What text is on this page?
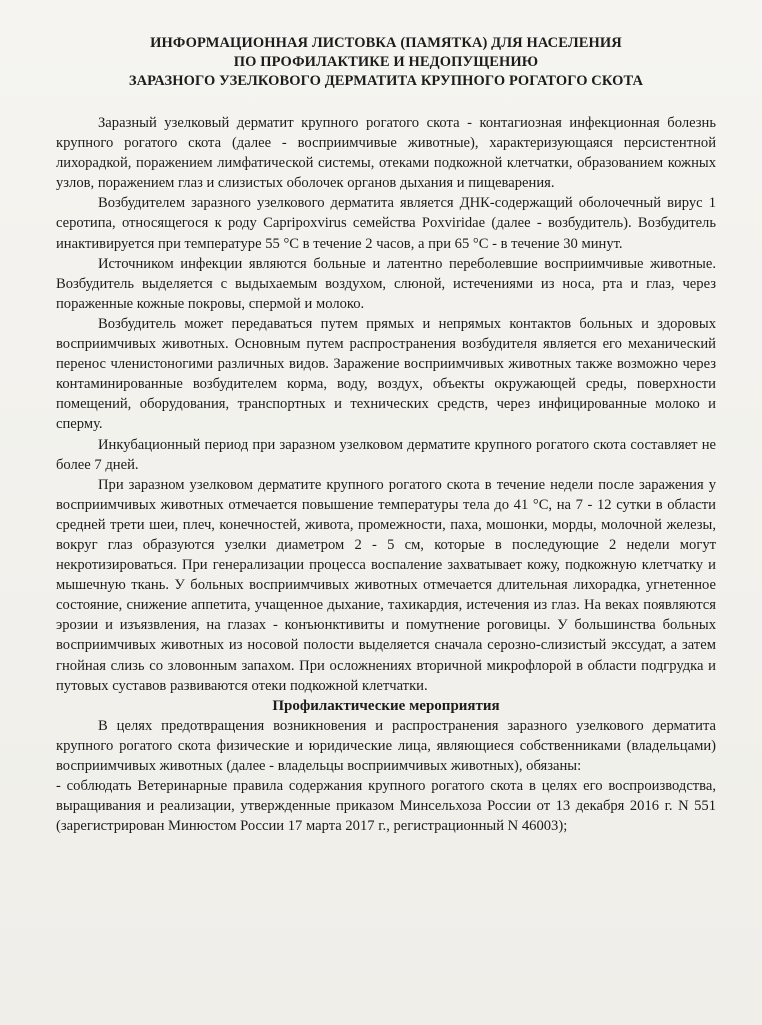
ИНФОРМАЦИОННАЯ ЛИСТОВКА (ПАМЯТКА) ДЛЯ НАСЕЛЕНИЯ
ПО ПРОФИЛАКТИКЕ И НЕДОПУЩЕНИЮ
ЗАРАЗНОГО УЗЕЛКОВОГО ДЕРМАТИТА КРУПНОГО РОГАТОГО СКОТА

Заразный узелковый дерматит крупного рогатого скота - контагиозная инфекционная болезнь крупного рогатого скота (далее - восприимчивые животные), характеризующаяся персистентной лихорадкой, поражением лимфатической системы, отеками подкожной клетчатки, образованием кожных узлов, поражением глаз и слизистых оболочек органов дыхания и пищеварения.

Возбудителем заразного узелкового дерматита является ДНК-содержащий оболочечный вирус 1 серотипа, относящегося к роду Capripoxvirus семейства Poxviridae (далее - возбудитель). Возбудитель инактивируется при температуре 55 °С в течение 2 часов, а при 65 °С - в течение 30 минут.

Источником инфекции являются больные и латентно переболевшие восприимчивые животные. Возбудитель выделяется с выдыхаемым воздухом, слюной, истечениями из носа, рта и глаз, через пораженные кожные покровы, спермой и молоко.

Возбудитель может передаваться путем прямых и непрямых контактов больных и здоровых восприимчивых животных. Основным путем распространения возбудителя является его механический перенос членистоногими различных видов. Заражение восприимчивых животных также возможно через контаминированные возбудителем корма, воду, воздух, объекты окружающей среды, поверхности помещений, оборудования, транспортных и технических средств, через инфицированные молоко и сперму.

Инкубационный период при заразном узелковом дерматите крупного рогатого скота составляет не более 7 дней.

При заразном узелковом дерматите крупного рогатого скота в течение недели после заражения у восприимчивых животных отмечается повышение температуры тела до 41 °С, на 7 - 12 сутки в области средней трети шеи, плеч, конечностей, живота, промежности, паха, мошонки, морды, молочной железы, вокруг глаз образуются узелки диаметром 2 - 5 см, которые в последующие 2 недели могут некротизироваться. При генерализации процесса воспаление захватывает кожу, подкожную клетчатку и мышечную ткань. У больных восприимчивых животных отмечается длительная лихорадка, угнетенное состояние, снижение аппетита, учащенное дыхание, тахикардия, истечения из глаз. На веках появляются эрозии и изъязвления, на глазах - конъюнктивиты и помутнение роговицы. У большинства больных восприимчивых животных из носовой полости выделяется сначала серозно-слизистый экссудат, а затем гнойная слизь со зловонным запахом. При осложнениях вторичной микрофлорой в области подгрудка и путовых суставов развиваются отеки подкожной клетчатки.

Профилактические мероприятия

В целях предотвращения возникновения и распространения заразного узелкового дерматита крупного рогатого скота физические и юридические лица, являющиеся собственниками (владельцами) восприимчивых животных (далее - владельцы восприимчивых животных), обязаны:

- соблюдать Ветеринарные правила содержания крупного рогатого скота в целях его воспроизводства, выращивания и реализации, утвержденные приказом Минсельхоза России от 13 декабря 2016 г. N 551 (зарегистрирован Минюстом России 17 марта 2017 г., регистрационный N 46003);
